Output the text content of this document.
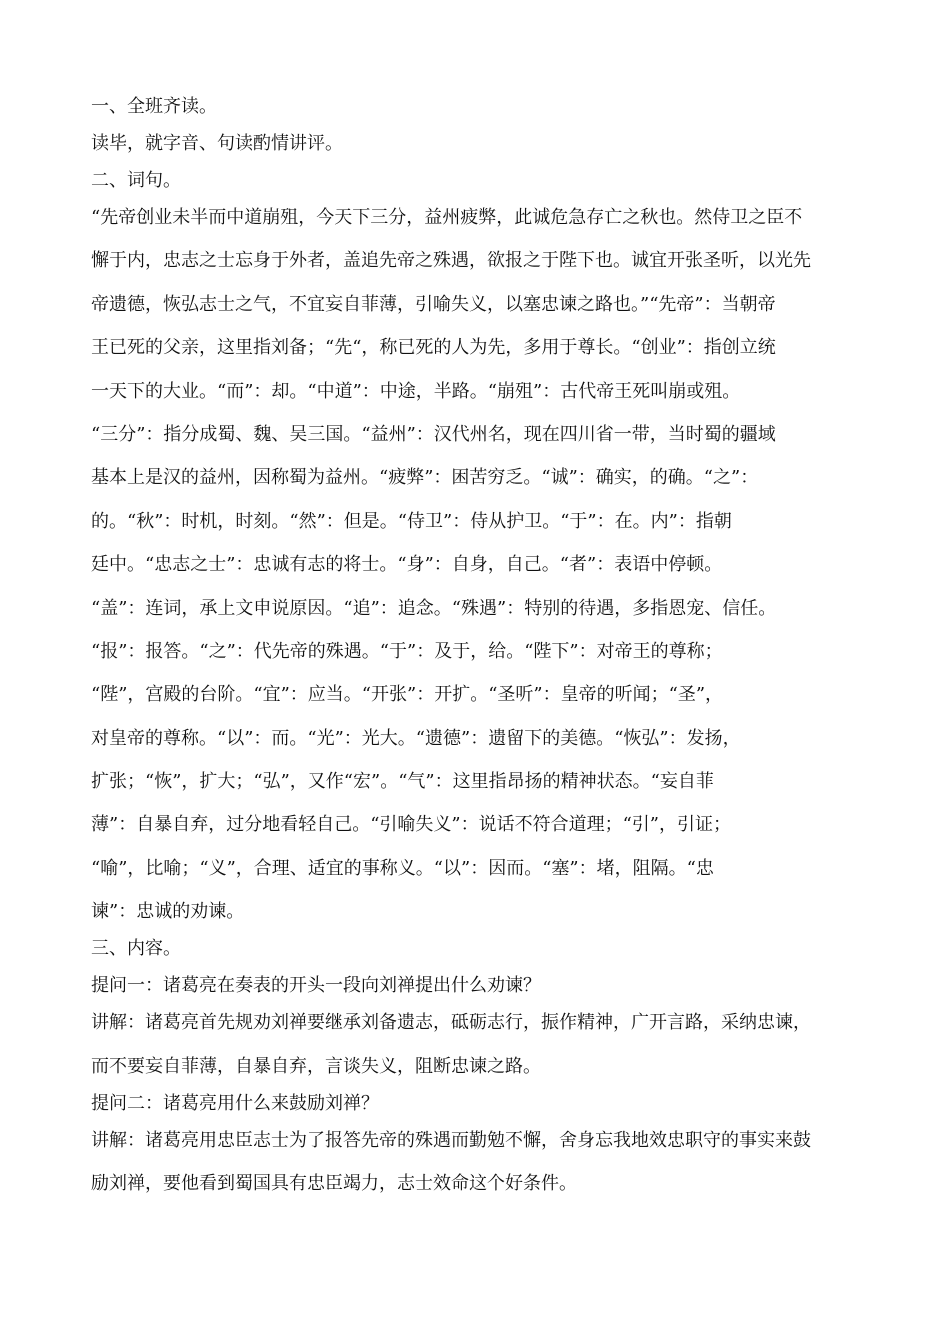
一、全班齐读。

读毕，就字音、句读酌情讲评。

二、词句。

“先帝创业未半而中道崩殂，今天下三分，益州疲弊，此诚危急存亡之秋也。然侍卫之臣不

懈于内，忠志之士忘身于外者，盖追先帝之殊遇，欲报之于陛下也。诚宜开张圣听，以光先

帝遗德，恢弘志士之气，不宜妄自菲薄，引喻失义，以塞忠谏之路也。”“先帝”：当朝帝

王已死的父亲，这里指刘备；“先“，称已死的人为先，多用于尊长。“创业”：指创立统

一天下的大业。“而”：却。“中道”：中途，半路。“崩殂”：古代帝王死叫崩或殂。

“三分”：指分成蜀、魏、吴三国。“益州”：汉代州名，现在四川省一带，当时蜀的疆域

基本上是汉的益州，因称蜀为益州。“疲弊”：困苦穷乏。“诚”：确实，的确。“之”：

的。“秋”：时机，时刻。“然”：但是。“侍卫”：侍从护卫。“于”：在。内”：指朝

廷中。“忠志之士”：忠诚有志的将士。“身”：自身，自己。“者”：表语中停顿。

“盖”：连词，承上文申说原因。“追”：追念。“殊遇”：特别的待遇，多指恩宠、信任。

“报”：报答。“之”：代先帝的殊遇。“于”：及于，给。“陛下”：对帝王的尊称；

“陛”，宫殿的台阶。“宜”：应当。“开张”：开扩。“圣听”：皇帝的听闻；“圣”，

对皇帝的尊称。“以”：而。“光”：光大。“遗德”：遗留下的美德。“恢弘”：发扬，

扩张；“恢”，扩大；“弘”，又作“宏”。“气”：这里指昂扬的精神状态。“妄自菲

薄”：自暴自弃，过分地看轻自己。“引喻失义”：说话不符合道理；“引”，引证；

“喻”，比喻；“义”，合理、适宜的事称义。“以”：因而。“塞”：堵，阻隔。“忠

谏”：忠诚的劝谏。

三、内容。

提问一：诸葛亮在奏表的开头一段向刘禅提出什么劝谏？

讲解：诸葛亮首先规劝刘禅要继承刘备遗志，砥砺志行，振作精神，广开言路，采纳忠谏，

而不要妄自菲薄，自暴自弃，言谈失义，阻断忠谏之路。

提问二：诸葛亮用什么来鼓励刘禅？

讲解：诸葛亮用忠臣志士为了报答先帝的殊遇而勤勉不懈，舍身忘我地效忠职守的事实来鼓

励刘禅，要他看到蜀国具有忠臣竭力，志士效命这个好条件。
